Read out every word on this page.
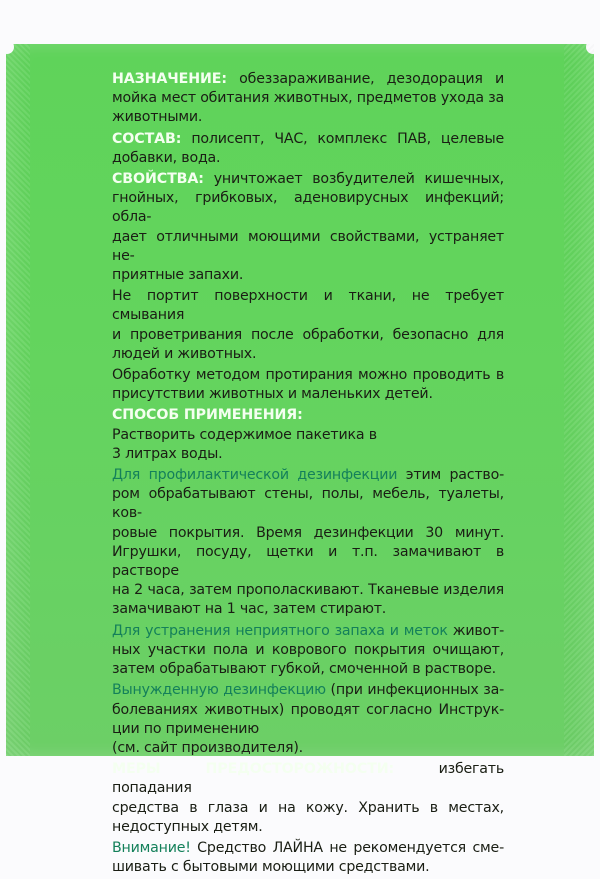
НАЗНАЧЕНИЕ: обеззараживание, дезодорация и
мойка мест обитания животных, предметов ухода за
животными.
СОСТАВ: полисепт, ЧАС, комплекс ПАВ, целевые
добавки, вода.
СВОЙСТВА: уничтожает возбудителей кишечных,
гнойных, грибковых, аденовирусных инфекций; обла-
дает отличными моющими свойствами, устраняет не-
приятные запахи.
Не портит поверхности и ткани, не требует смывания
и проветривания после обработки, безопасно для
людей и животных.
Обработку методом протирания можно проводить в
присутствии животных и маленьких детей.
СПОСОБ ПРИМЕНЕНИЯ:
Растворить содержимое пакетика в
3 литрах воды.
Для профилактической дезинфекции этим раство-
ром обрабатывают стены, полы, мебель, туалеты, ков-
ровые покрытия. Время дезинфекции 30 минут.
Игрушки, посуду, щетки и т.п. замачивают в растворе
на 2 часа, затем прополаскивают. Тканевые изделия
замачивают на 1 час, затем стирают.
Для устранения неприятного запаха и меток живот-
ных участки пола и коврового покрытия очищают,
затем обрабатывают губкой, смоченной в растворе.
Вынужденную дезинфекцию (при инфекционных за-
болеваниях животных) проводят согласно Инструк-
ции по применению
(см. сайт производителя).
МЕРЫ ПРЕДОСТОРОЖНОСТИ: избегать попадания
средства в глаза и на кожу. Хранить в местах,
недоступных детям.
Внимание! Средство ЛАЙНА не рекомендуется сме-
шивать с бытовыми моющими средствами.
